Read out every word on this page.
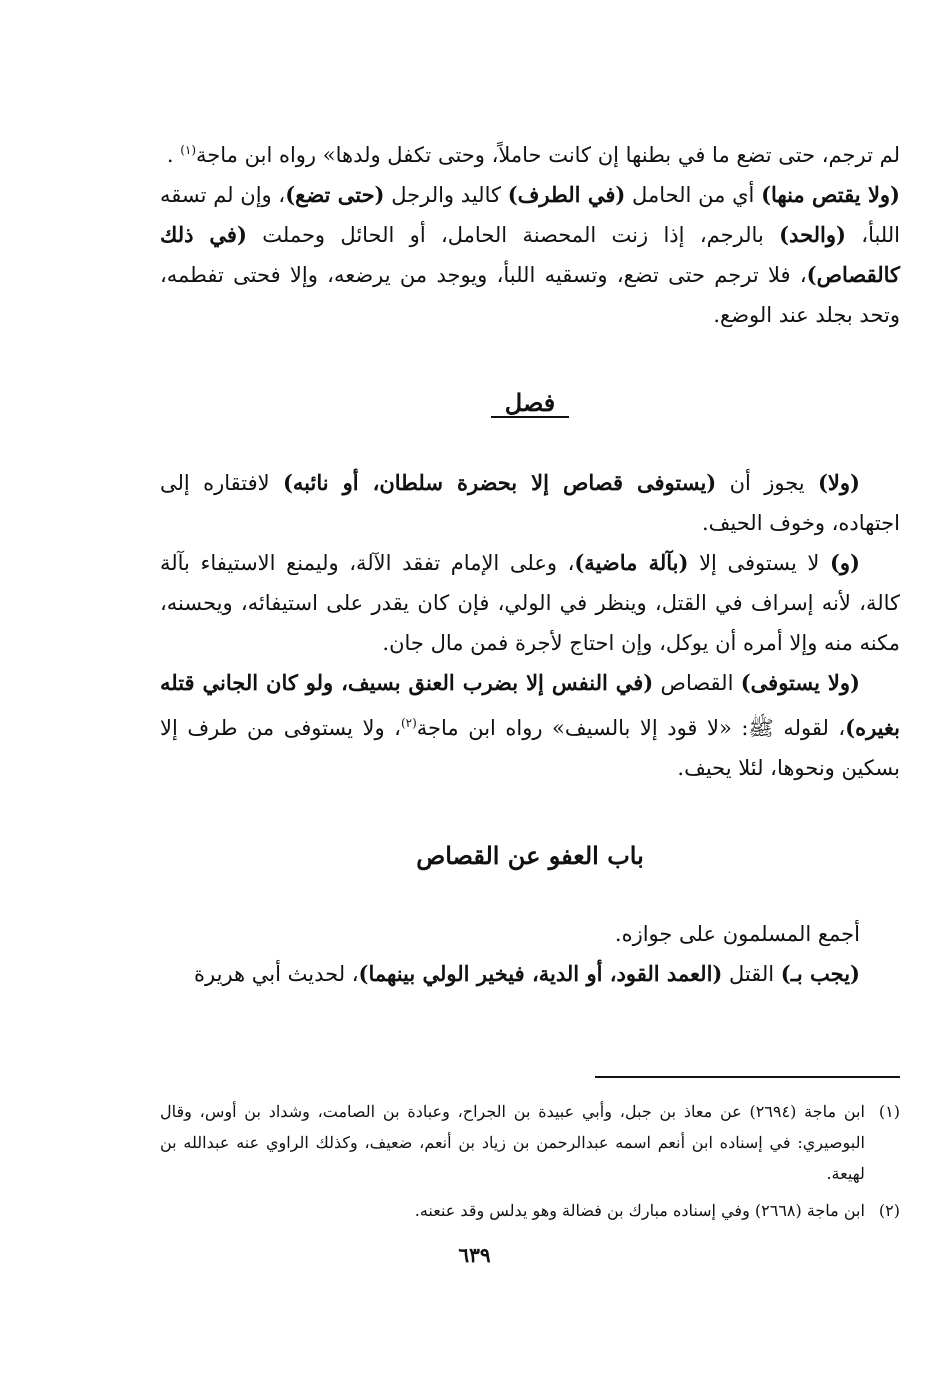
لم ترجم، حتى تضع ما في بطنها إن كانت حاملاً، وحتى تكفل ولدها» رواه ابن ماجة$^{(١)}$ .
(ولا يقتص منها) أي من الحامل (في الطرف) كاليد والرجل (حتى تضع)، وإن لم تسقه اللبأ، (والحد) بالرجم، إذا زنت المحصنة الحامل، أو الحائل وحملت (في ذلك كالقصاص)، فلا ترجم حتى تضع، وتسقيه اللبأ، ويوجد من يرضعه، وإلا فحتى تفطمه، وتحد بجلد عند الوضع.

فصل

(ولا) يجوز أن (يستوفى قصاص إلا بحضرة سلطان، أو نائبه) لافتقاره إلى اجتهاده، وخوف الحيف.

(و) لا يستوفى إلا (بآلة ماضية)، وعلى الإمام تفقد الآلة، وليمنع الاستيفاء بآلة كالة، لأنه إسراف في القتل، وينظر في الولي، فإن كان يقدر على استيفائه، ويحسنه، مكنه منه وإلا أمره أن يوكل، وإن احتاج لأجرة فمن مال جان.

(ولا يستوفى) القصاص (في النفس إلا بضرب العنق بسيف، ولو كان الجاني قتله بغيره)، لقوله ﷺ: «لا قود إلا بالسيف» رواه ابن ماجة$^{(٢)}$، ولا يستوفى من طرف إلا بسكين ونحوها، لئلا يحيف.

باب العفو عن القصاص

أجمع المسلمون على جوازه.

(يجب بـ) القتل (العمد القود، أو الدية، فيخير الولي بينهما)، لحديث أبي هريرة

(١)
ابن ماجة (٢٦٩٤) عن معاذ بن جبل، وأبي عبيدة بن الجراح، وعبادة بن الصامت، وشداد بن أوس، وقال البوصيري: في إسناده ابن أنعم اسمه عبدالرحمن بن زياد بن أنعم، ضعيف، وكذلك الراوي عنه عبدالله بن لهيعة.
(٢)
ابن ماجة (٢٦٦٨) وفي إسناده مبارك بن فضالة وهو يدلس وقد عنعنه.
٦٣٩
